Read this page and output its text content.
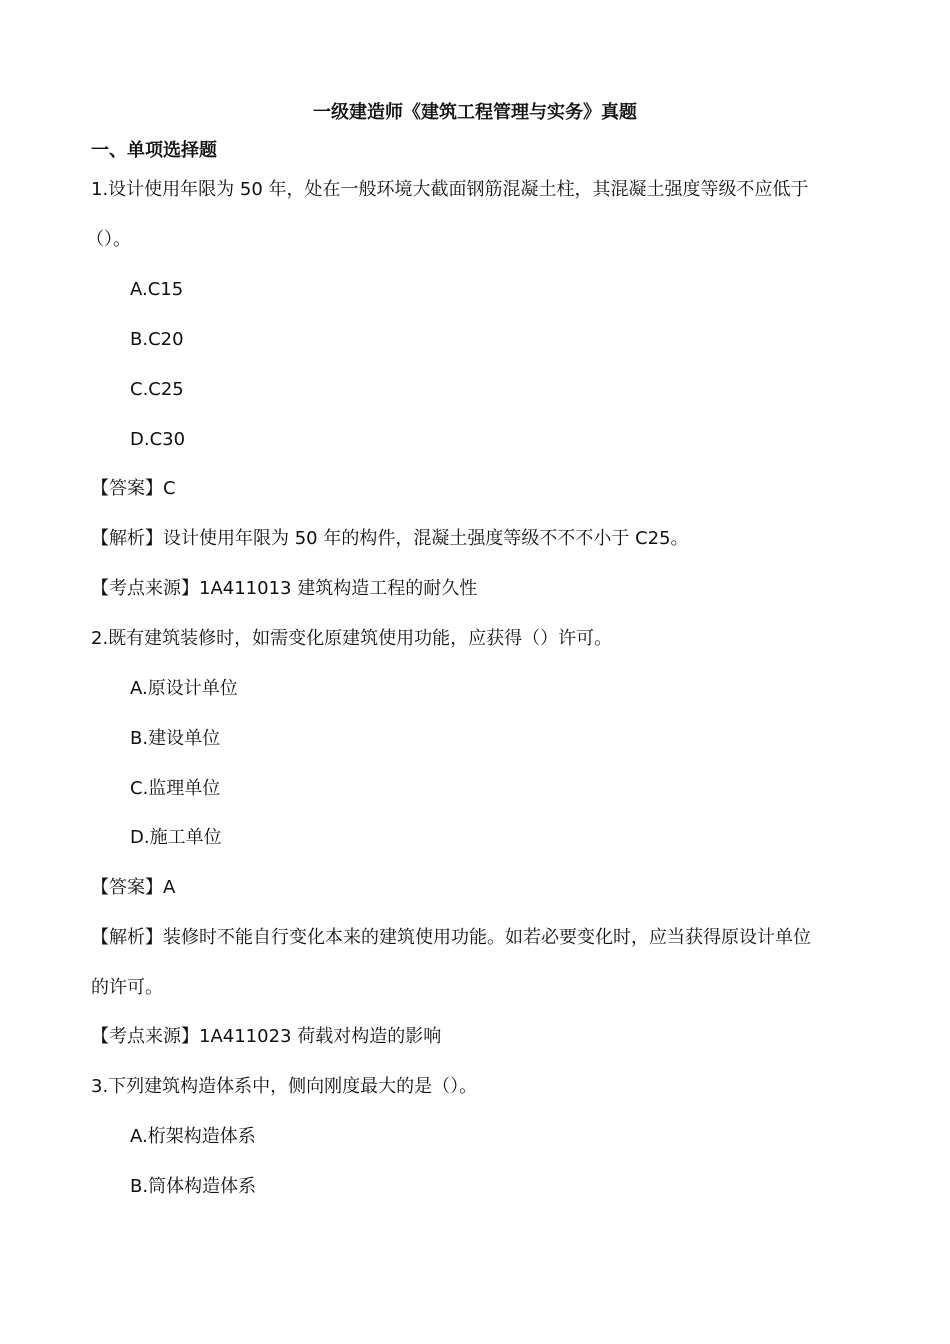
一级建造师《建筑工程管理与实务》真题
一、单项选择题
1.设计使用年限为 50 年，处在一般环境大截面钢筋混凝土柱，其混凝土强度等级不应低于
（）。
A.C15
B.C20
C.C25
D.C30
【答案】C
【解析】设计使用年限为 50 年的构件，混凝土强度等级不不不小于 C25。
【考点来源】1A411013 建筑构造工程的耐久性
2.既有建筑装修时，如需变化原建筑使用功能，应获得（）许可。
A.原设计单位
B.建设单位
C.监理单位
D.施工单位
【答案】A
【解析】装修时不能自行变化本来的建筑使用功能。如若必要变化时，应当获得原设计单位
的许可。
【考点来源】1A411023 荷载对构造的影响
3.下列建筑构造体系中，侧向刚度最大的是（）。
A.桁架构造体系
B.筒体构造体系
